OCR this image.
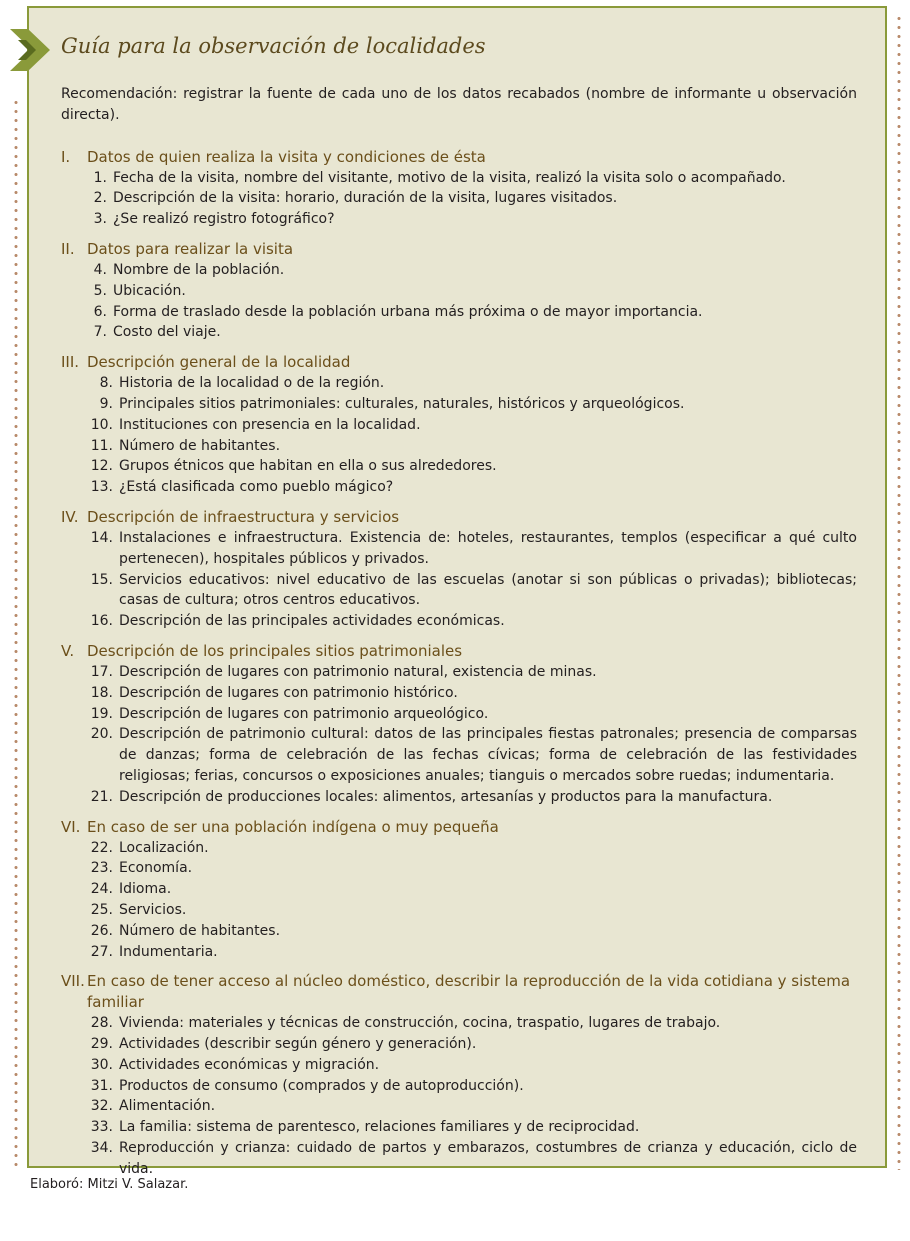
Guía para la observación de localidades

Recomendación: registrar la fuente de cada uno de los datos recabados (nombre de informante u observación directa).

I.	Datos de quien realiza la visita y condiciones de ésta
1. Fecha de la visita, nombre del visitante, motivo de la visita, realizó la visita solo o acompañado.
2. Descripción de la visita: horario, duración de la visita, lugares visitados.
3. ¿Se realizó registro fotográfico?
II. Datos para realizar la visita
4. Nombre de la población.
5. Ubicación.
6. Forma de traslado desde la población urbana más próxima o de mayor importancia.
7. Costo del viaje.
III. Descripción general de la localidad
8. Historia de la localidad o de la región.
9. Principales sitios patrimoniales: culturales, naturales, históricos y arqueológicos.
10. Instituciones con presencia en la localidad.
11. Número de habitantes.
12. Grupos étnicos que habitan en ella o sus alrededores.
13. ¿Está clasificada como pueblo mágico?
IV. Descripción de infraestructura y servicios
14. Instalaciones e infraestructura. Existencia de: hoteles, restaurantes, templos (especificar a qué culto pertenecen), hospitales públicos y privados.
15. Servicios educativos: nivel educativo de las escuelas (anotar si son públicas o privadas); bibliotecas; casas de cultura; otros centros educativos.
16. Descripción de las principales actividades económicas.
V. Descripción de los principales sitios patrimoniales
17. Descripción de lugares con patrimonio natural, existencia de minas.
18. Descripción de lugares con patrimonio histórico.
19. Descripción de lugares con patrimonio arqueológico.
20. Descripción de patrimonio cultural: datos de las principales fiestas patronales; presencia de comparsas de danzas; forma de celebración de las fechas cívicas; forma de celebración de las festividades religiosas; ferias, concursos o exposiciones anuales; tianguis o mercados sobre ruedas; indumentaria.
21. Descripción de producciones locales: alimentos, artesanías y productos para la manufactura.
VI. En caso de ser una población indígena o muy pequeña
22. Localización.
23. Economía.
24. Idioma.
25. Servicios.
26. Número de habitantes.
27. Indumentaria.
VII. En caso de tener acceso al núcleo doméstico, describir la reproducción de la vida cotidiana y sistema familiar
28. Vivienda: materiales y técnicas de construcción, cocina, traspatio, lugares de trabajo.
29. Actividades (describir según género y generación).
30. Actividades económicas y migración.
31. Productos de consumo (comprados y de autoproducción).
32. Alimentación.
33. La familia: sistema de parentesco, relaciones familiares y de reciprocidad.
34. Reproducción y crianza: cuidado de partos y embarazos, costumbres de crianza y educación, ciclo de vida.
Elaboró: Mitzi V. Salazar.
